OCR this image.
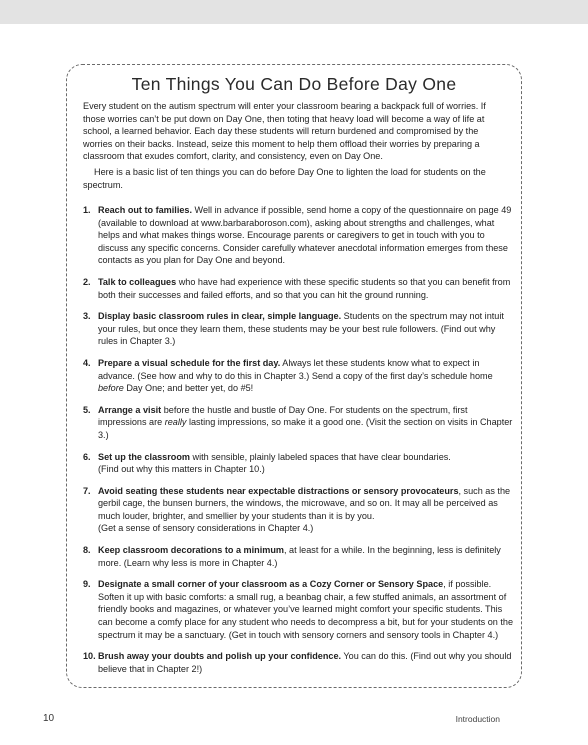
Ten Things You Can Do Before Day One

Every student on the autism spectrum will enter your classroom bearing a backpack full of worries. If those worries can’t be put down on Day One, then toting that heavy load will become a way of life at school, a learned behavior. Each day these students will return burdened and compromised by the worries on their backs. Instead, seize this moment to help them offload their worries by preparing a classroom that exudes comfort, clarity, and consistency, even on Day One.

Here is a basic list of ten things you can do before Day One to lighten the load for students on the spectrum.

1. Reach out to families. Well in advance if possible, send home a copy of the questionnaire on page 49 (available to download at www.barbaraboroson.com), asking about strengths and challenges, what helps and what makes things worse. Encourage parents or caregivers to get in touch with you to discuss any specific concerns. Consider carefully whatever anecdotal information emerges from these contacts as you plan for Day One and beyond.
2. Talk to colleagues who have had experience with these specific students so that you can benefit from both their successes and failed efforts, and so that you can hit the ground running.
3. Display basic classroom rules in clear, simple language. Students on the spectrum may not intuit your rules, but once they learn them, these students may be your best rule followers. (Find out why rules in Chapter 3.)
4. Prepare a visual schedule for the first day. Always let these students know what to expect in advance. (See how and why to do this in Chapter 3.) Send a copy of the first day’s schedule home before Day One; and better yet, do #5!
5. Arrange a visit before the hustle and bustle of Day One. For students on the spectrum, first impressions are really lasting impressions, so make it a good one. (Visit the section on visits in Chapter 3.)
6. Set up the classroom with sensible, plainly labeled spaces that have clear boundaries.
(Find out why this matters in Chapter 10.)
7. Avoid seating these students near expectable distractions or sensory provocateurs, such as the gerbil cage, the bunsen burners, the windows, the microwave, and so on. It may all be perceived as much louder, brighter, and smellier by your students than it is by you.
(Get a sense of sensory considerations in Chapter 4.)
8. Keep classroom decorations to a minimum, at least for a while. In the beginning, less is definitely more. (Learn why less is more in Chapter 4.)
9. Designate a small corner of your classroom as a Cozy Corner or Sensory Space, if possible. Soften it up with basic comforts: a small rug, a beanbag chair, a few stuffed animals, an assortment of friendly books and magazines, or whatever you’ve learned might comfort your specific students. This can become a comfy place for any student who needs to decompress a bit, but for your students on the spectrum it may be a sanctuary. (Get in touch with sensory corners and sensory tools in Chapter 4.)
10. Brush away your doubts and polish up your confidence. You can do this. (Find out why you should believe that in Chapter 2!)
10	Introduction
